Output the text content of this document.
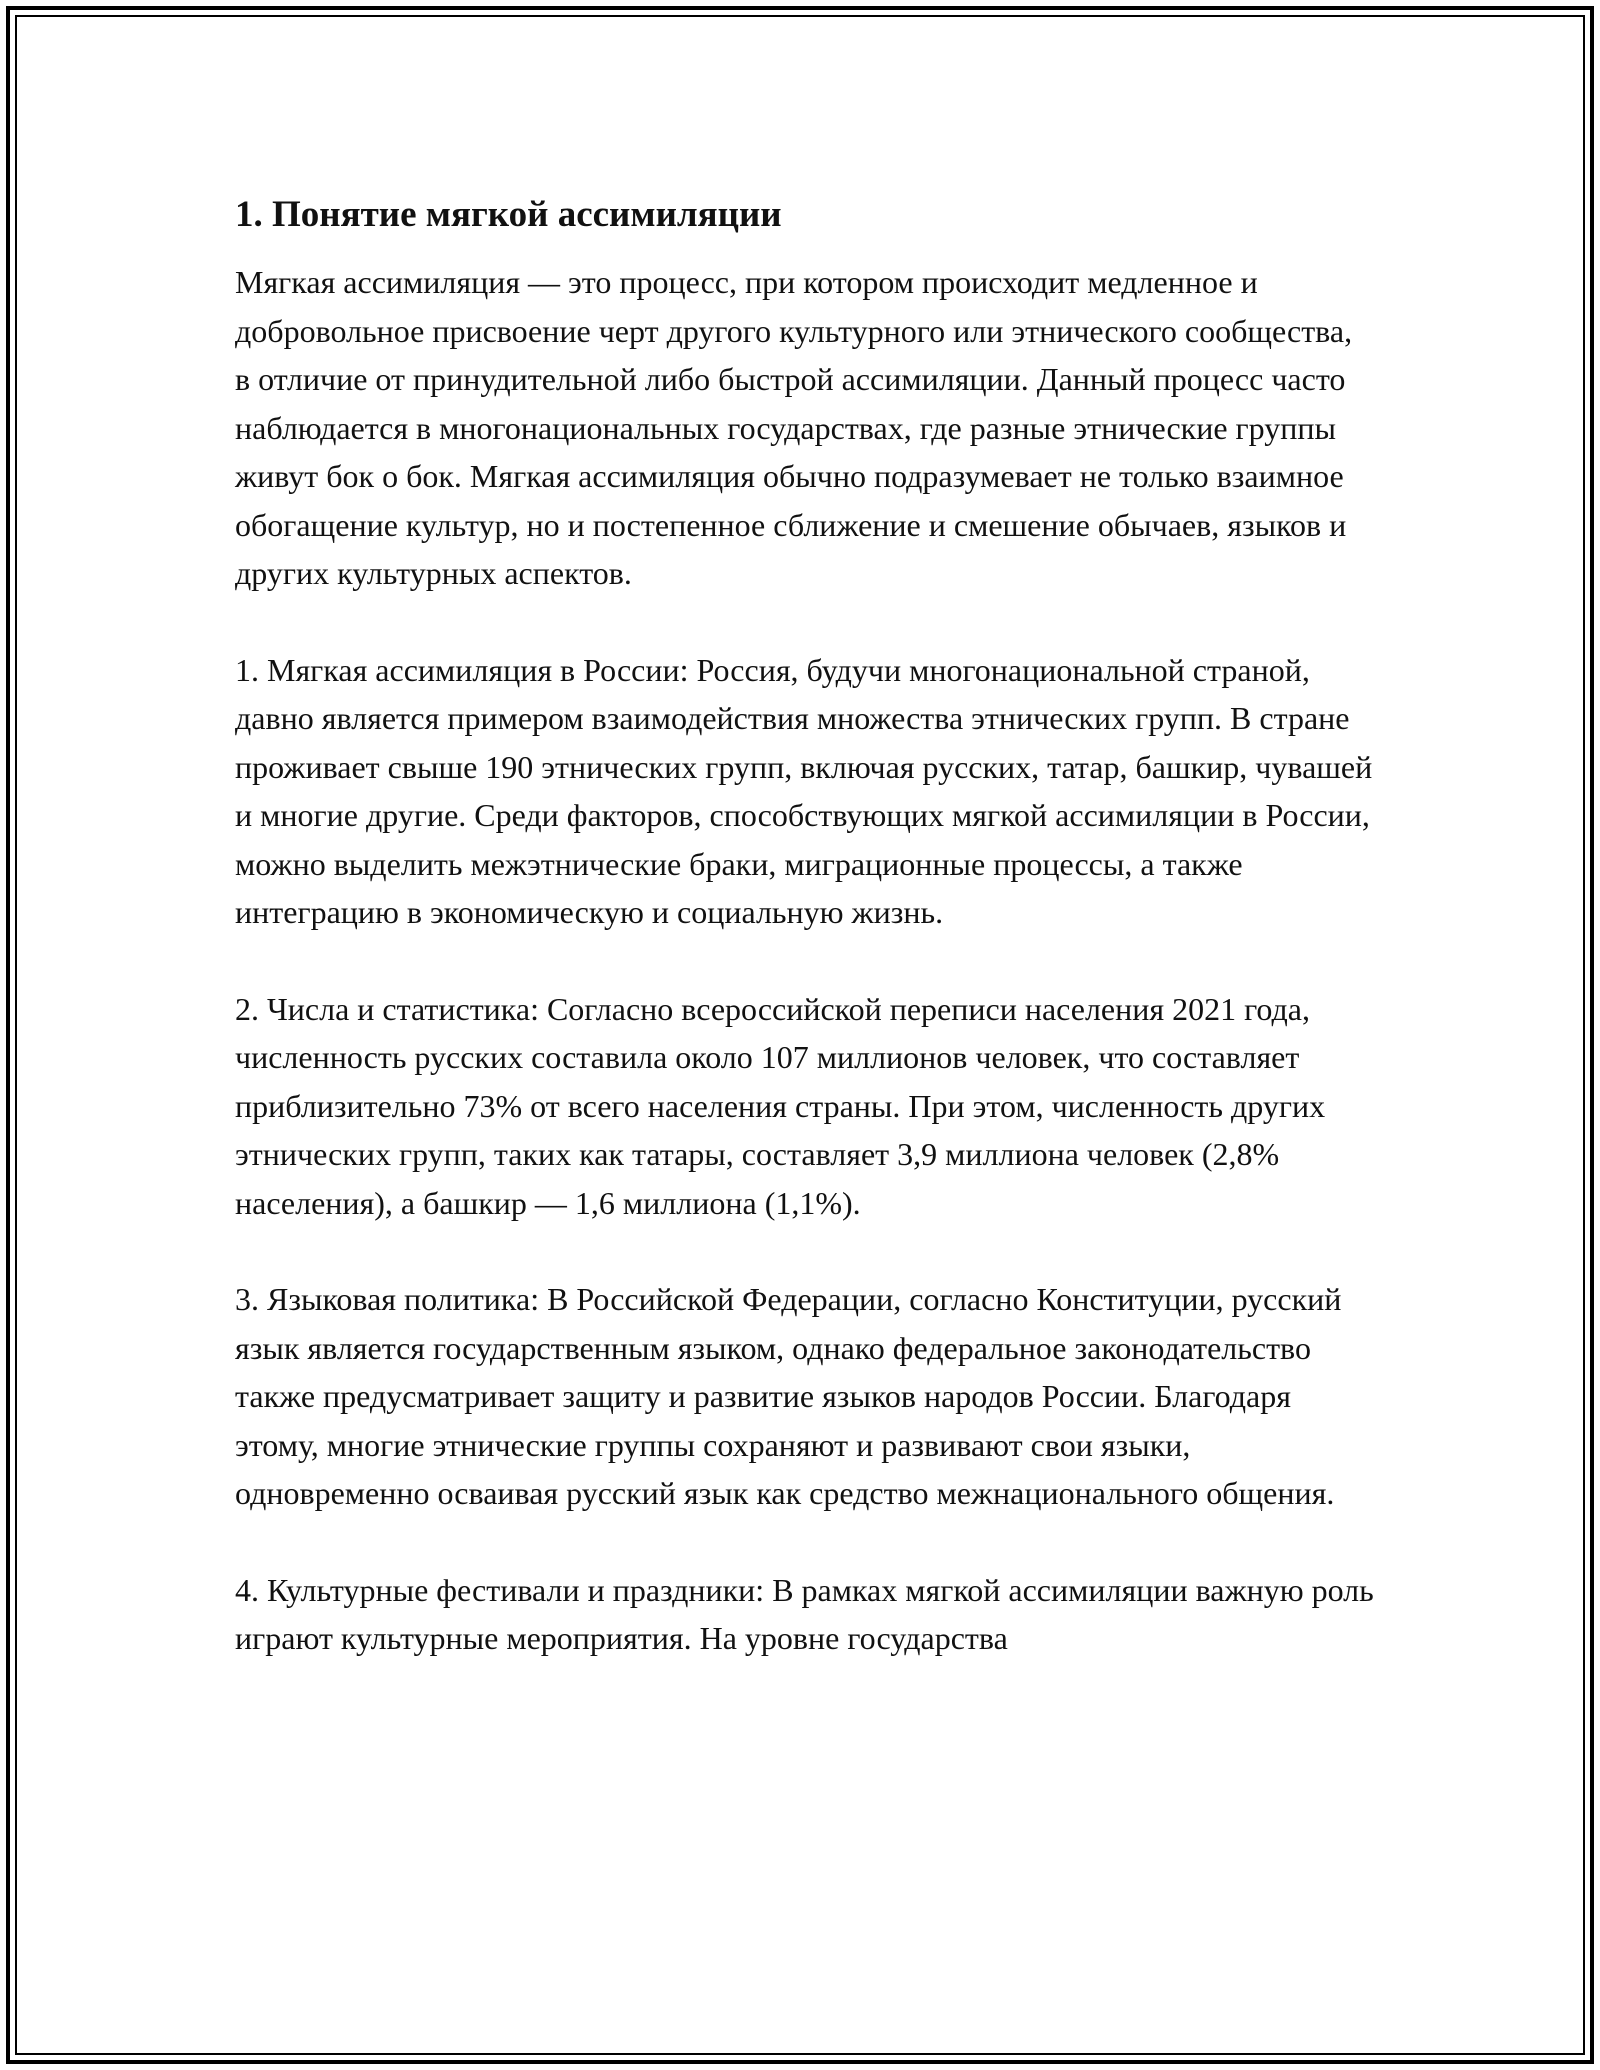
1. Понятие мягкой ассимиляции

Мягкая ассимиляция — это процесс, при котором происходит медленное и добровольное присвоение черт другого культурного или этнического сообщества, в отличие от принудительной либо быстрой ассимиляции. Данный процесс часто наблюдается в многонациональных государствах, где разные этнические группы живут бок о бок. Мягкая ассимиляция обычно подразумевает не только взаимное обогащение культур, но и постепенное сближение и смешение обычаев, языков и других культурных аспектов.

1. Мягкая ассимиляция в России: Россия, будучи многонациональной страной, давно является примером взаимодействия множества этнических групп. В стране проживает свыше 190 этнических групп, включая русских, татар, башкир, чувашей и многие другие. Среди факторов, способствующих мягкой ассимиляции в России, можно выделить межэтнические браки, миграционные процессы, а также интеграцию в экономическую и социальную жизнь.

2. Числа и статистика: Согласно всероссийской переписи населения 2021 года, численность русских составила около 107 миллионов человек, что составляет приблизительно 73% от всего населения страны. При этом, численность других этнических групп, таких как татары, составляет 3,9 миллиона человек (2,8% населения), а башкир — 1,6 миллиона (1,1%).

3. Языковая политика: В Российской Федерации, согласно Конституции, русский язык является государственным языком, однако федеральное законодательство также предусматривает защиту и развитие языков народов России. Благодаря этому, многие этнические группы сохраняют и развивают свои языки, одновременно осваивая русский язык как средство межнационального общения.

4. Культурные фестивали и праздники: В рамках мягкой ассимиляции важную роль играют культурные мероприятия. На уровне государства
